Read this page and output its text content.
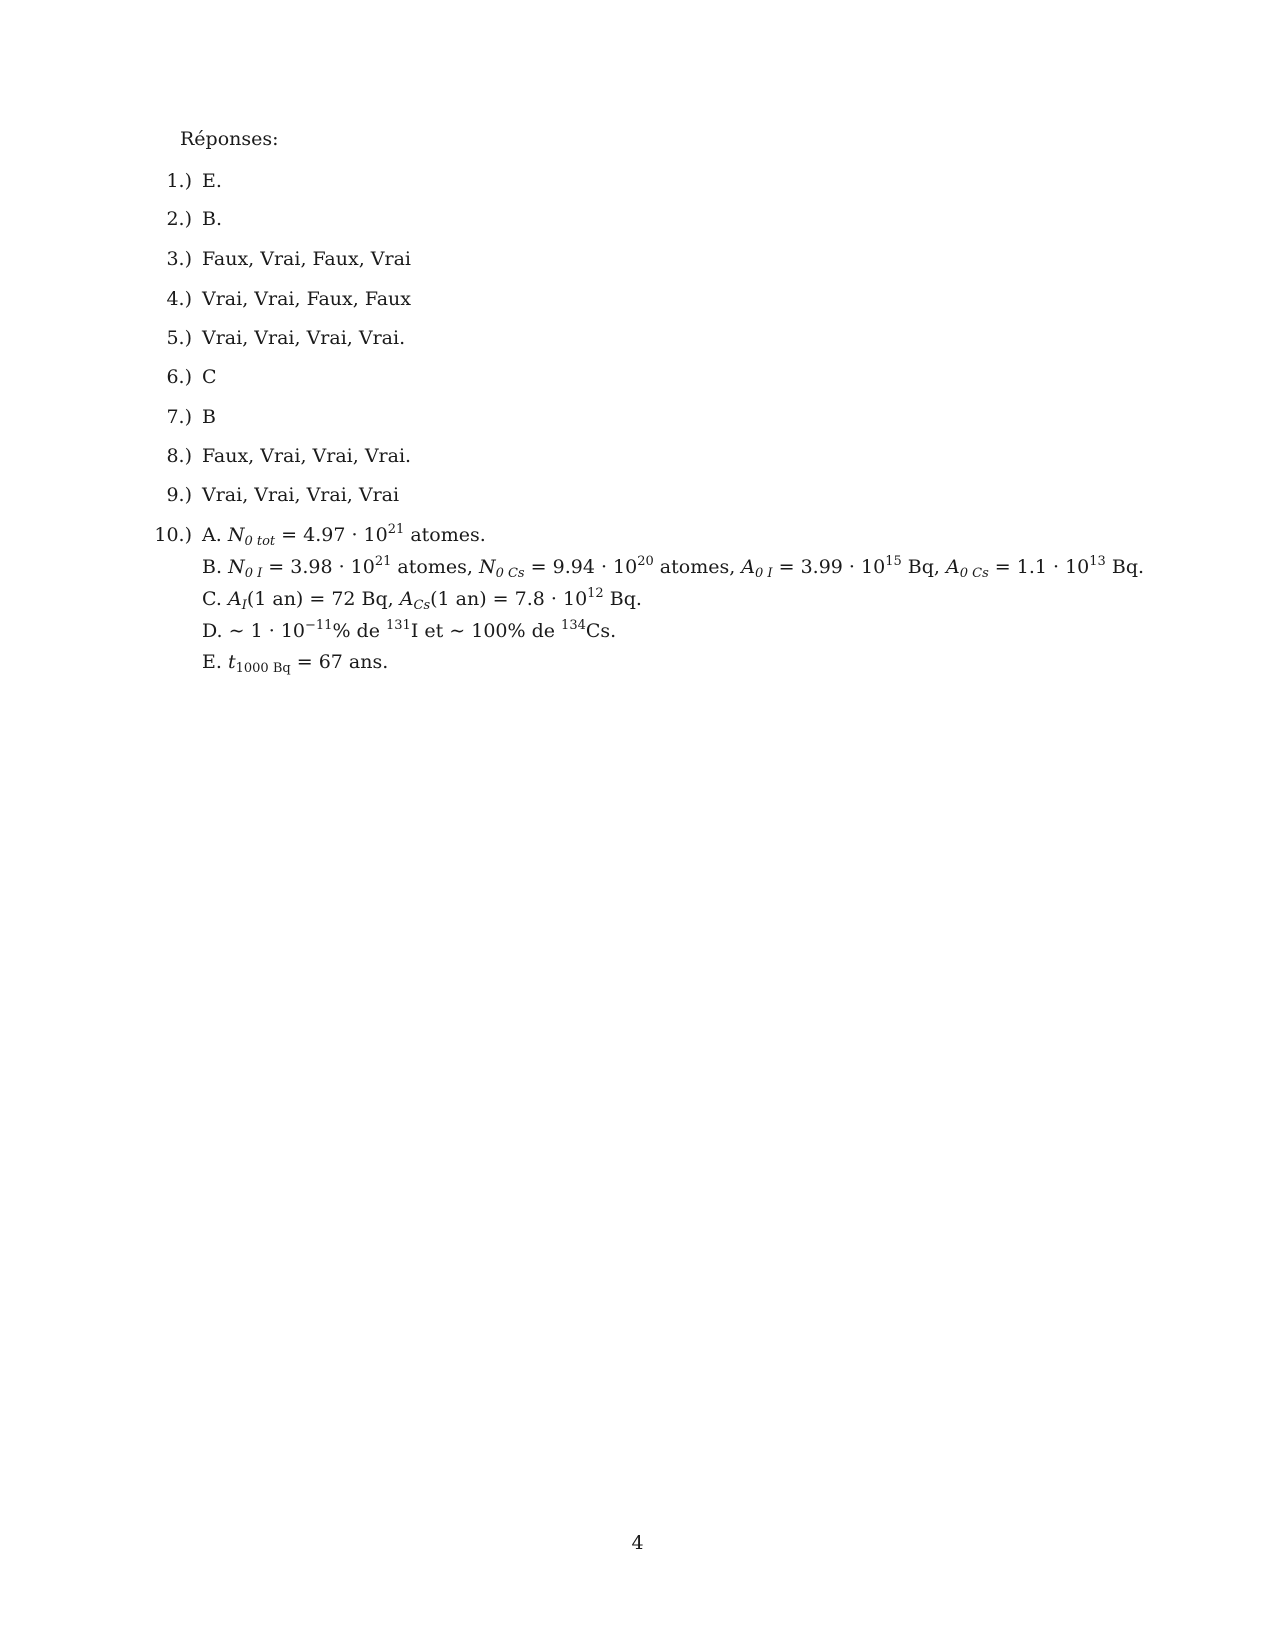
Réponses:
1.) E.
2.) B.
3.) Faux, Vrai, Faux, Vrai
4.) Vrai, Vrai, Faux, Faux
5.) Vrai, Vrai, Vrai, Vrai.
6.) C
7.) B
8.) Faux, Vrai, Vrai, Vrai.
9.) Vrai, Vrai, Vrai, Vrai
10.) A. $N_{0 tot} = 4.97 \cdot 10^{21}$ atomes.
B. $N_{0 I} = 3.98 \cdot 10^{21}$ atomes, $N_{0 Cs} = 9.94 \cdot 10^{20}$ atomes, $A_{0 I} = 3.99 \cdot 10^{15}$ Bq, $A_{0 Cs} = 1.1 \cdot 10^{13}$ Bq.
C. $A_I(1$ an) = 72 Bq, $A_{Cs}(1$ $an) = 7.8 \cdot 10^{12}$ Bq.
D. ∼ $1 \cdot 10^{-11}\%$ de $^{131}$I et ∼ 100% de $^{134}$Cs.
E. $t_{1000 Bq} = 67$ ans.
4
